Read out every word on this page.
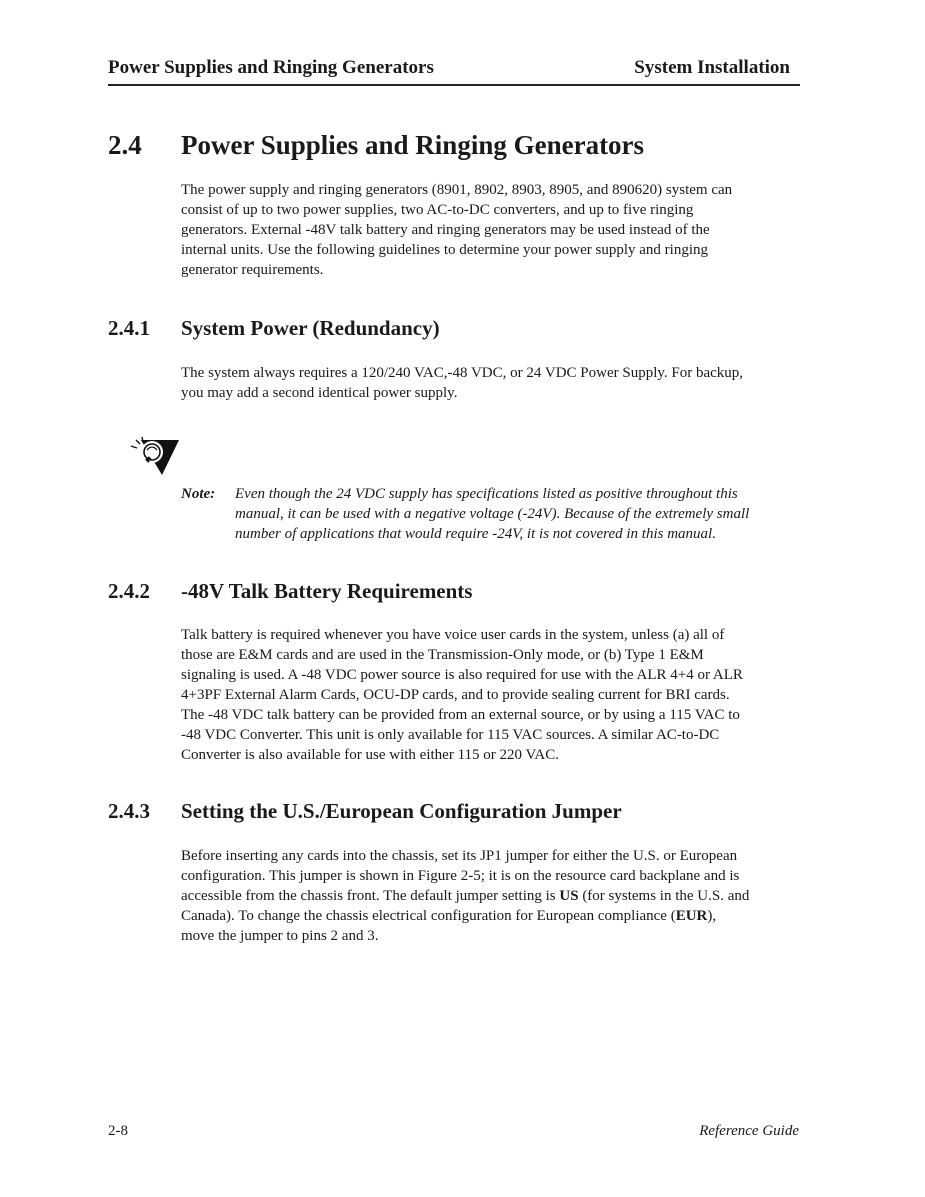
Power Supplies and Ringing Generators	System Installation
2.4 Power Supplies and Ringing Generators

The power supply and ringing generators (8901, 8902, 8903, 8905, and 890620) system can
consist of up to two power supplies, two AC-to-DC converters, and up to five ringing
generators. External -48V talk battery and ringing generators may be used instead of the
internal units. Use the following guidelines to determine your power supply and ringing
generator requirements.

2.4.1 System Power (Redundancy)

The system always requires a 120/240 VAC,-48 VDC, or 24 VDC Power Supply. For backup,
you may add a second identical power supply.

Note: Even though the 24 VDC supply has specifications listed as positive throughout this
manual, it can be used with a negative voltage (-24V). Because of the extremely small
number of applications that would require -24V, it is not covered in this manual.
2.4.2 -48V Talk Battery Requirements

Talk battery is required whenever you have voice user cards in the system, unless (a) all of
those are E&M cards and are used in the Transmission-Only mode, or (b) Type 1 E&M
signaling is used. A -48 VDC power source is also required for use with the ALR 4+4 or ALR
4+3PF External Alarm Cards, OCU-DP cards, and to provide sealing current for BRI cards.
The -48 VDC talk battery can be provided from an external source, or by using a 115 VAC to
-48 VDC Converter. This unit is only available for 115 VAC sources. A similar AC-to-DC
Converter is also available for use with either 115 or 220 VAC.

2.4.3 Setting the U.S./European Configuration Jumper

Before inserting any cards into the chassis, set its JP1 jumper for either the U.S. or European
configuration. This jumper is shown in Figure 2-5; it is on the resource card backplane and is
accessible from the chassis front. The default jumper setting is US (for systems in the U.S. and
Canada). To change the chassis electrical configuration for European compliance (EUR),
move the jumper to pins 2 and 3.

2-8	Reference Guide
